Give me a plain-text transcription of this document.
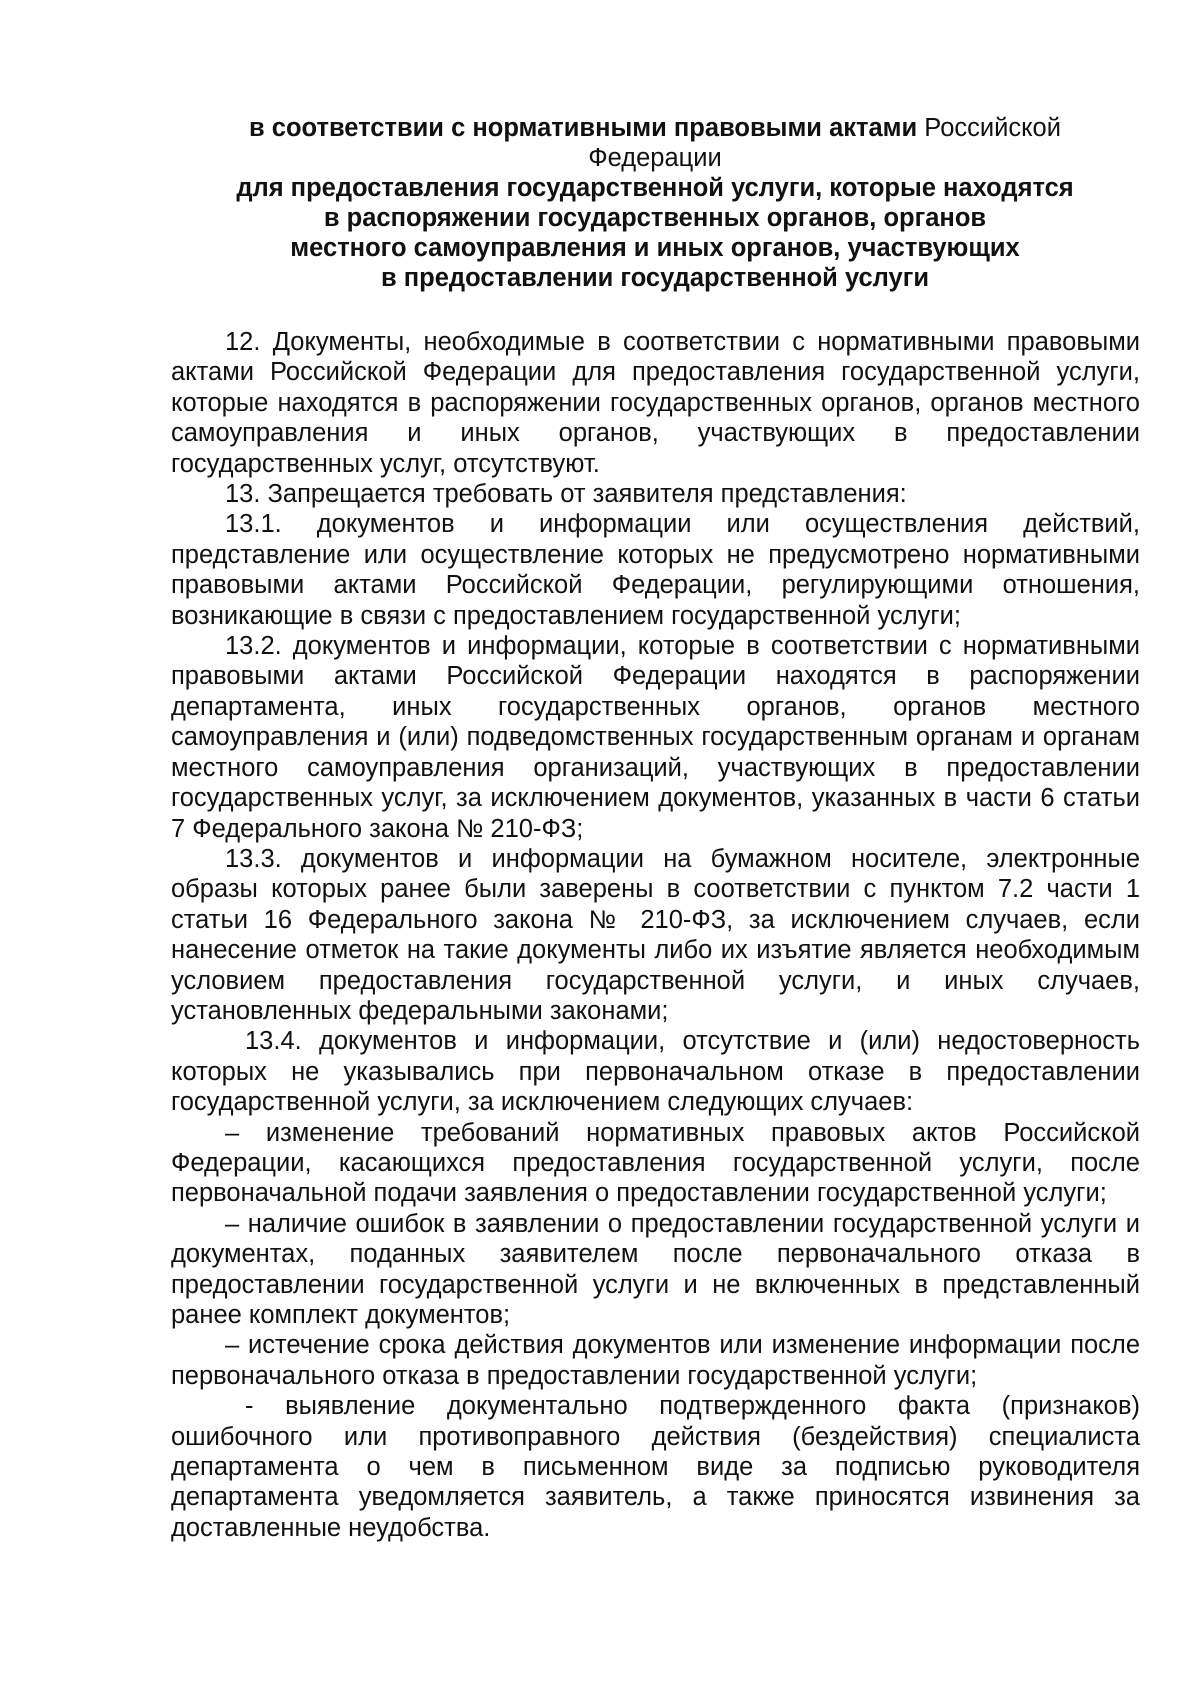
в соответствии с нормативными правовыми актами Российской
Федерации
для предоставления государственной услуги, которые находятся
в распоряжении государственных органов, органов
местного самоуправления и иных органов, участвующих
в предоставлении государственной услуги

12. Документы, необходимые в соответствии с нормативными правовыми актами Российской Федерации для предоставления государственной услуги, которые находятся в распоряжении государственных органов, органов местного самоуправления и иных органов, участвующих в предоставлении государственных услуг, отсутствуют.

13. Запрещается требовать от заявителя представления:

13.1. документов и информации или осуществления действий, представление или осуществление которых не предусмотрено нормативными правовыми актами Российской Федерации, регулирующими отношения, возникающие в связи с предоставлением государственной услуги;

13.2. документов и информации, которые в соответствии с нормативными правовыми актами Российской Федерации находятся в распоряжении департамента, иных государственных органов, органов местного самоуправления и (или) подведомственных государственным органам и органам местного самоуправления организаций, участвующих в предоставлении государственных услуг, за исключением документов, указанных в части 6 статьи 7 Федерального закона № 210-ФЗ;

13.3. документов и информации на бумажном носителе, электронные образы которых ранее были заверены в соответствии с пунктом 7.2 части 1 статьи 16 Федерального закона № 210-ФЗ, за исключением случаев, если нанесение отметок на такие документы либо их изъятие является необходимым условием предоставления государственной услуги, и иных случаев, установленных федеральными законами;

13.4. документов и информации, отсутствие и (или) недостоверность которых не указывались при первоначальном отказе в предоставлении государственной услуги, за исключением следующих случаев:

– изменение требований нормативных правовых актов Российской Федерации, касающихся предоставления государственной услуги, после первоначальной подачи заявления о предоставлении государственной услуги;

– наличие ошибок в заявлении о предоставлении государственной услуги и документах, поданных заявителем после первоначального отказа в предоставлении государственной услуги и не включенных в представленный ранее комплект документов;

– истечение срока действия документов или изменение информации после первоначального отказа в предоставлении государственной услуги;

- выявление документально подтвержденного факта (признаков) ошибочного или противоправного действия (бездействия) специалиста департамента о чем в письменном виде за подписью руководителя департамента уведомляется заявитель, а также приносятся извинения за доставленные неудобства.
